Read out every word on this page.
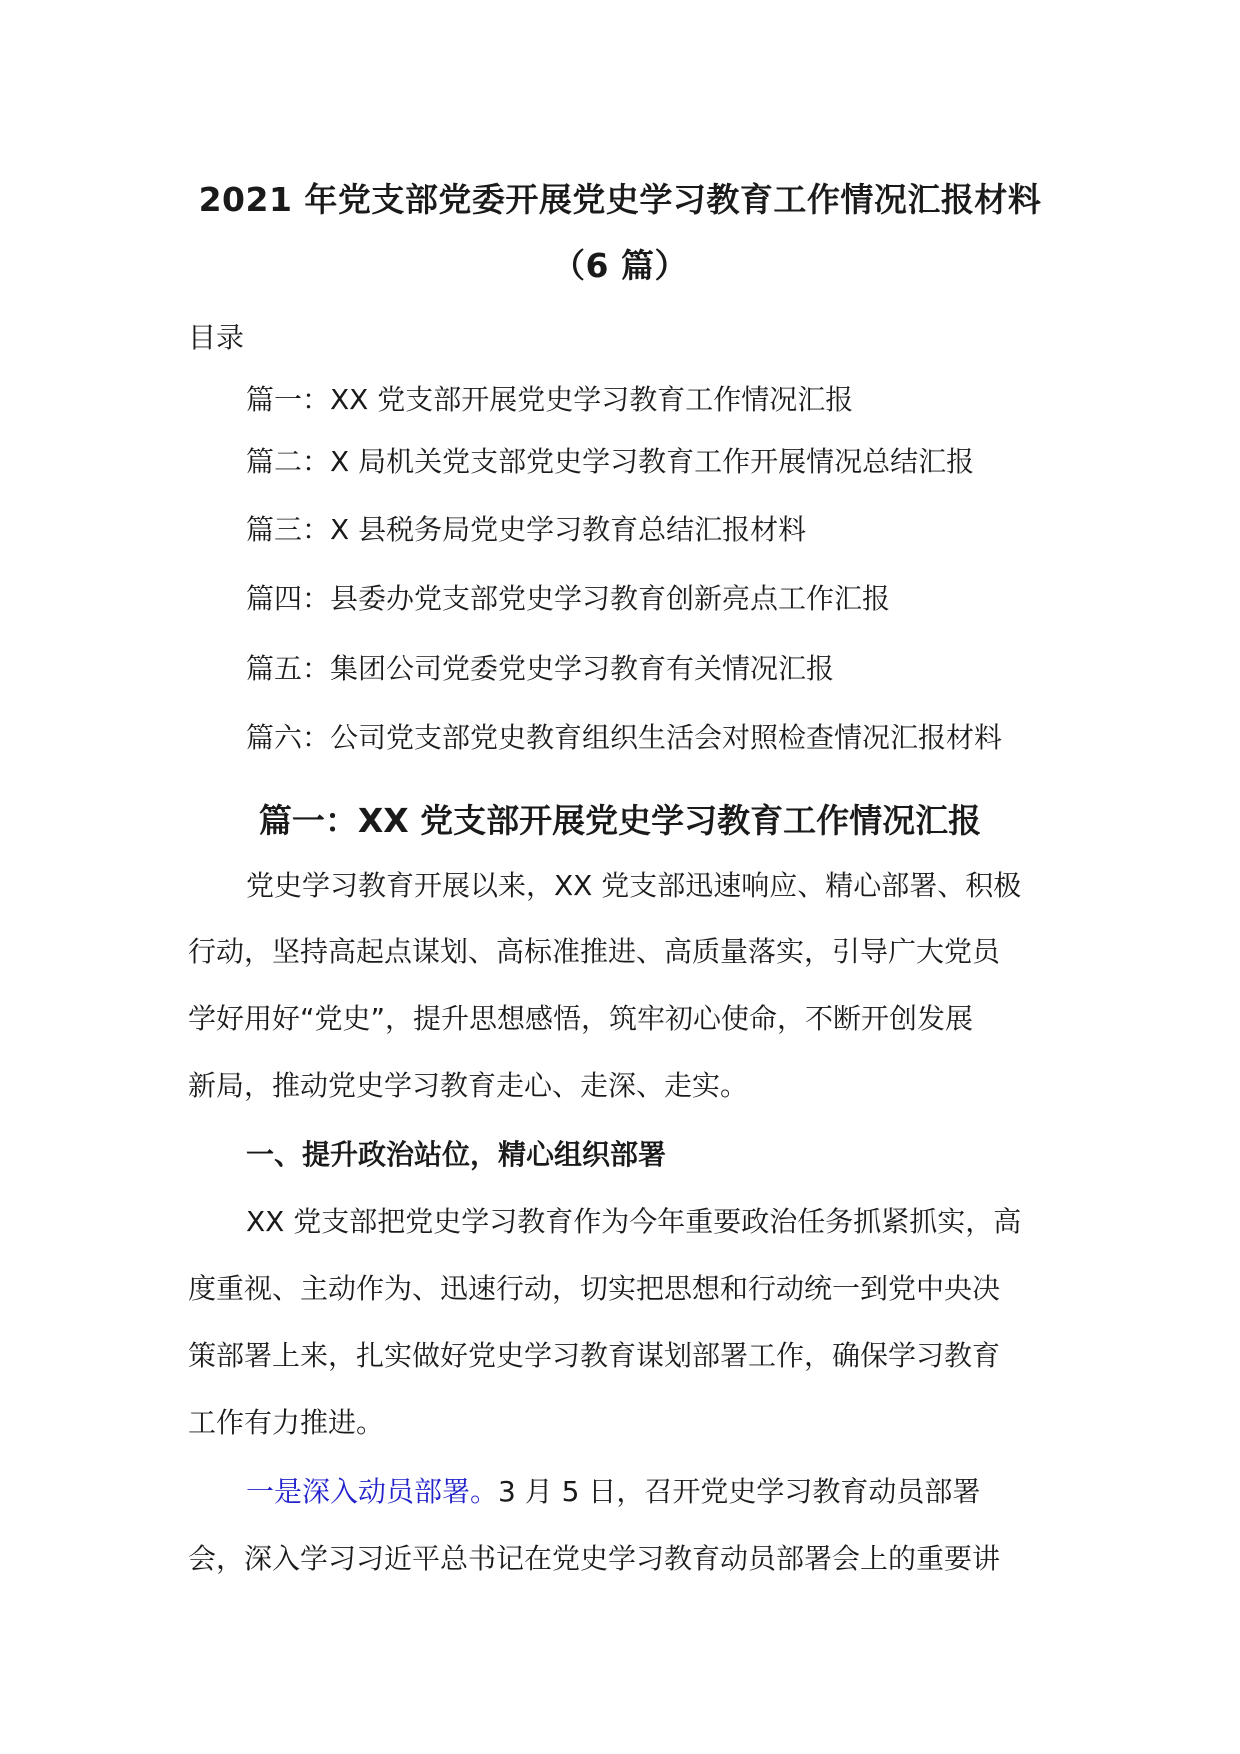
2021 年党支部党委开展党史学习教育工作情况汇报材料
（6 篇）
目录
篇一：XX 党支部开展党史学习教育工作情况汇报
篇二：X 局机关党支部党史学习教育工作开展情况总结汇报
篇三：X 县税务局党史学习教育总结汇报材料
篇四：县委办党支部党史学习教育创新亮点工作汇报
篇五：集团公司党委党史学习教育有关情况汇报
篇六：公司党支部党史教育组织生活会对照检查情况汇报材料
篇一：XX 党支部开展党史学习教育工作情况汇报
党史学习教育开展以来，XX 党支部迅速响应、精心部署、积极
行动，坚持高起点谋划、高标准推进、高质量落实，引导广大党员
学好用好“党史”，提升思想感悟，筑牢初心使命，不断开创发展
新局，推动党史学习教育走心、走深、走实。
一、提升政治站位，精心组织部署
XX 党支部把党史学习教育作为今年重要政治任务抓紧抓实，高
度重视、主动作为、迅速行动，切实把思想和行动统一到党中央决
策部署上来，扎实做好党史学习教育谋划部署工作，确保学习教育
工作有力推进。
一是深入动员部署。3 月 5 日，召开党史学习教育动员部署
会，深入学习习近平总书记在党史学习教育动员部署会上的重要讲
